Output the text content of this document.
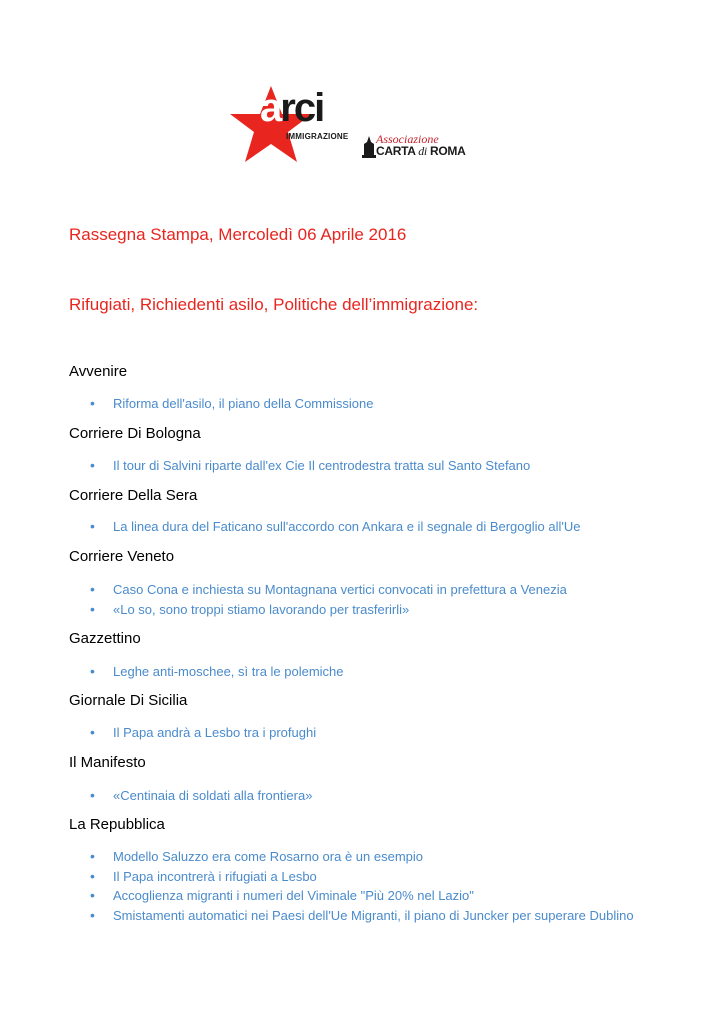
arci
IMMIGRAZIONE Associazione
CARTA di ROMA
Rassegna Stampa, Mercoledì 06 Aprile 2016
Rifugiati, Richiedenti asilo, Politiche dell’immigrazione:
Avvenire
• Riforma dell'asilo, il piano della Commissione
Corriere Di Bologna
• Il tour di Salvini riparte dall'ex Cie Il centrodestra tratta sul Santo Stefano
Corriere Della Sera
• La linea dura del Faticano sull'accordo con Ankara e il segnale di Bergoglio all'Ue
Corriere Veneto
• Caso Cona e inchiesta su Montagnana vertici convocati in prefettura a Venezia
• «Lo so, sono troppi stiamo lavorando per trasferirli»
Gazzettino
• Leghe anti-moschee, sì tra le polemiche
Giornale Di Sicilia
• Il Papa andrà a Lesbo tra i profughi
Il Manifesto
• «Centinaia di soldati alla frontiera»
La Repubblica
• Modello Saluzzo era come Rosarno ora è un esempio
• Il Papa incontrerà i rifugiati a Lesbo
• Accoglienza migranti i numeri del Viminale "Più 20% nel Lazio"
• Smistamenti automatici nei Paesi dell'Ue Migranti, il piano di Juncker per superare Dublino
